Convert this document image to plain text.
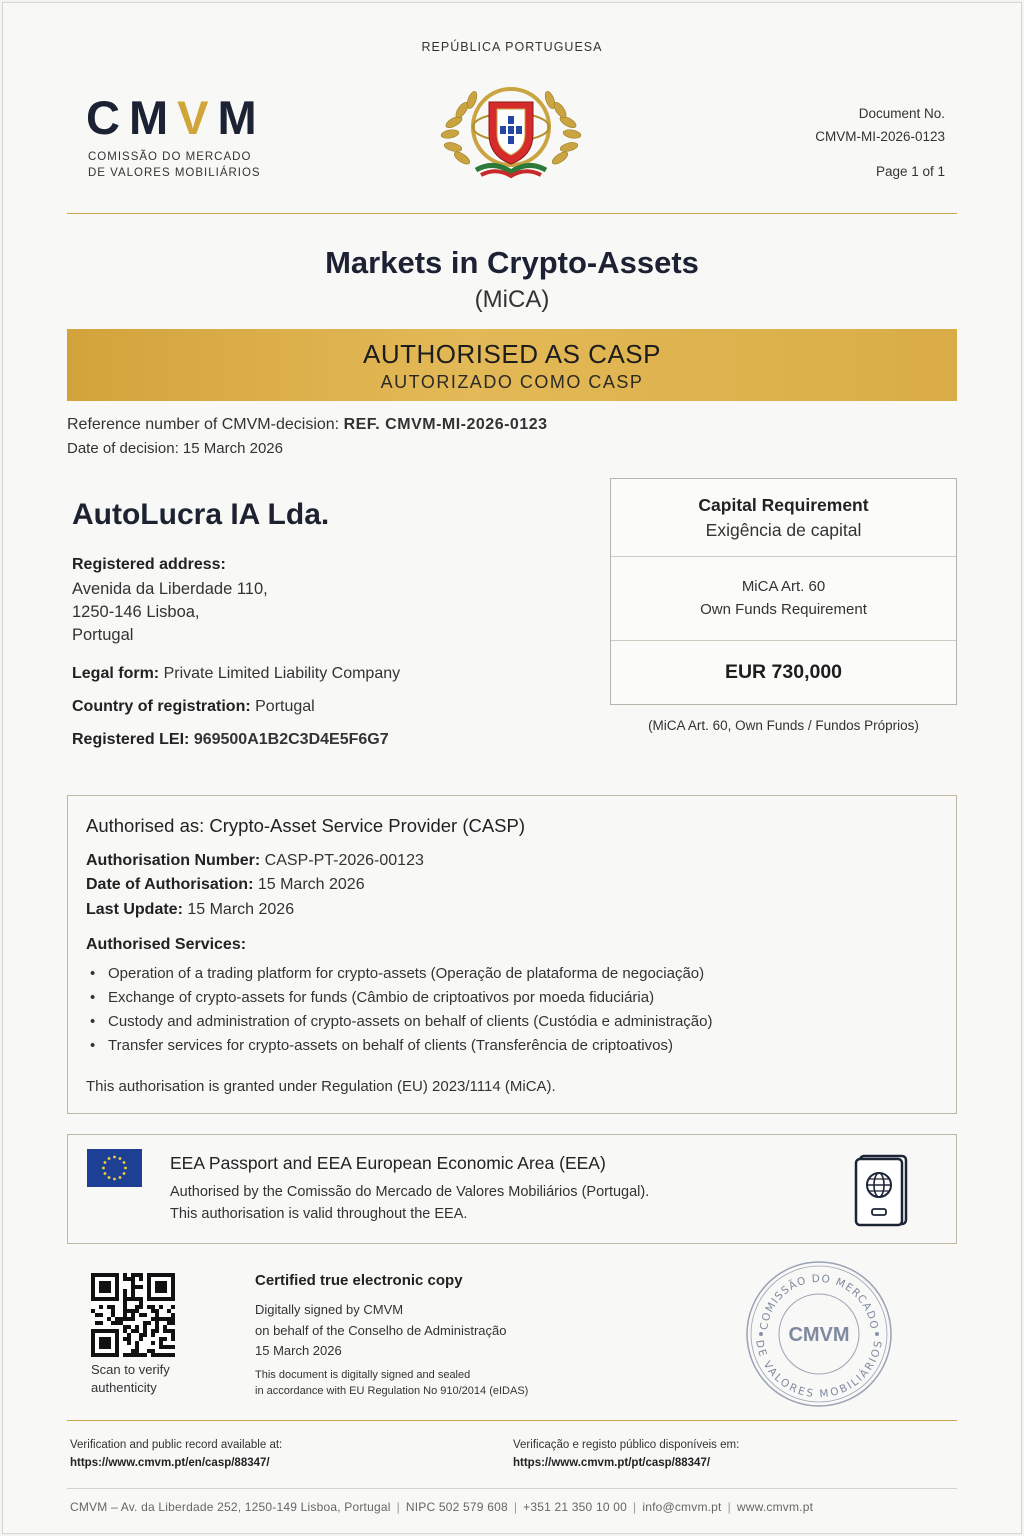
REPÚBLICA PORTUGUESA
CMVM
COMISSÃO DO MERCADO
DE VALORES MOBILIÁRIOS
Document No.
CMVM-MI-2026-0123
Page 1 of 1
Markets in Crypto-Assets
(MiCA)
AUTHORISED AS CASP
AUTORIZADO COMO CASP
Reference number of CMVM-decision: REF. CMVM-MI-2026-0123
Date of decision: 15 March 2026
AutoLucra IA Lda.
Registered address:
Avenida da Liberdade 110,
1250-146 Lisboa,
Portugal
Legal form: Private Limited Liability Company
Country of registration: Portugal
Registered LEI: 969500A1B2C3D4E5F6G7
Capital Requirement
Exigência de capital
MiCA Art. 60
Own Funds Requirement
EUR 730,000
(MiCA Art. 60, Own Funds / Fundos Próprios)
Authorised as: Crypto-Asset Service Provider (CASP)
Authorisation Number: CASP-PT-2026-00123
Date of Authorisation: 15 March 2026
Last Update: 15 March 2026
Authorised Services:
• Operation of a trading platform for crypto-assets (Operação de plataforma de negociação)
• Exchange of crypto-assets for funds (Câmbio de criptoativos por moeda fiduciária)
• Custody and administration of crypto-assets on behalf of clients (Custódia e administração)
• Transfer services for crypto-assets on behalf of clients (Transferência de criptoativos)
This authorisation is granted under Regulation (EU) 2023/1114 (MiCA).
EEA Passport and EEA European Economic Area (EEA)
Authorised by the Comissão do Mercado de Valores Mobiliários (Portugal).
This authorisation is valid throughout the EEA.
Scan to verify
authenticity
Certified true electronic copy
Digitally signed by CMVM
on behalf of the Conselho de Administração
15 March 2026
This document is digitally signed and sealed
in accordance with EU Regulation No 910/2014 (eIDAS)
COMISSÃO DO MERCADO
DE VALORES MOBILIÁRIOS
CMVM
Verification and public record available at:
https://www.cmvm.pt/en/casp/88347/
Verificação e registo público disponíveis em:
https://www.cmvm.pt/pt/casp/88347/
CMVM – Av. da Liberdade 252, 1250-149 Lisboa, Portugal | NIPC 502 579 608 | +351 21 350 10 00 | info@cmvm.pt | www.cmvm.pt
